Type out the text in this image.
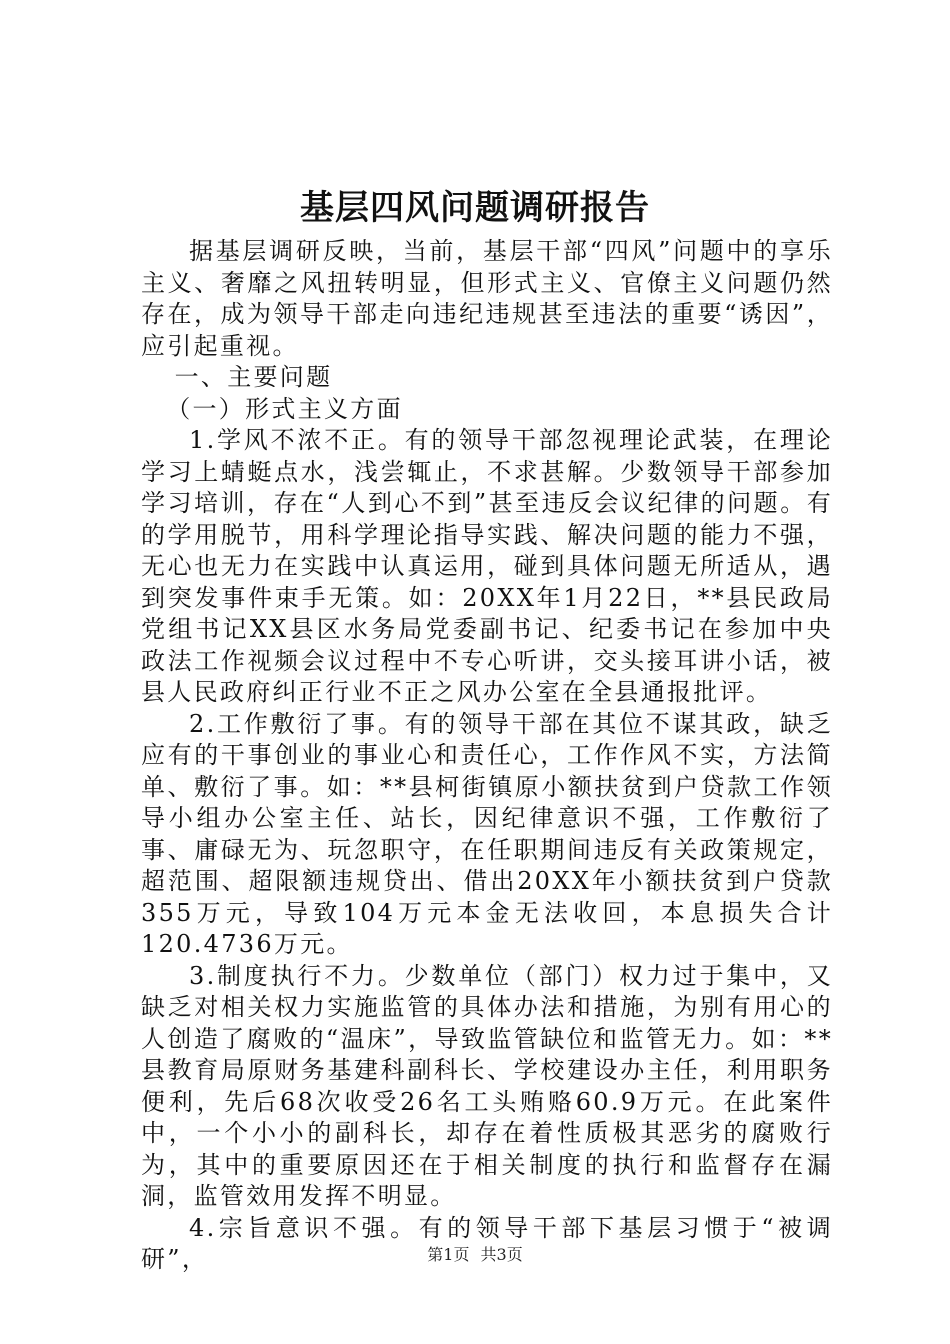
基层四风问题调研报告

据基层调研反映，当前，基层干部“四风”问题中的享乐主义、奢靡之风扭转明显，但形式主义、官僚主义问题仍然存在，成为领导干部走向违纪违规甚至违法的重要“诱因”，应引起重视。

一、主要问题

（一）形式主义方面

1.学风不浓不正。有的领导干部忽视理论武装，在理论学习上蜻蜓点水，浅尝辄止，不求甚解。少数领导干部参加学习培训，存在“人到心不到”甚至违反会议纪律的问题。有的学用脱节，用科学理论指导实践、解决问题的能力不强，无心也无力在实践中认真运用，碰到具体问题无所适从，遇到突发事件束手无策。如：20XX年1月22日，**县民政局党组书记XX县区水务局党委副书记、纪委书记在参加中央政法工作视频会议过程中不专心听讲，交头接耳讲小话，被县人民政府纠正行业不正之风办公室在全县通报批评。

2.工作敷衍了事。有的领导干部在其位不谋其政，缺乏应有的干事创业的事业心和责任心，工作作风不实，方法简单、敷衍了事。如：**县柯街镇原小额扶贫到户贷款工作领导小组办公室主任、站长，因纪律意识不强，工作敷衍了事、庸碌无为、玩忽职守，在任职期间违反有关政策规定，超范围、超限额违规贷出、借出20XX年小额扶贫到户贷款355万元，导致104万元本金无法收回，本息损失合计120.4736万元。

3.制度执行不力。少数单位（部门）权力过于集中，又缺乏对相关权力实施监管的具体办法和措施，为别有用心的人创造了腐败的“温床”，导致监管缺位和监管无力。如：**县教育局原财务基建科副科长、学校建设办主任，利用职务便利，先后68次收受26名工头贿赂60.9万元。在此案件中，一个小小的副科长，却存在着性质极其恶劣的腐败行为，其中的重要原因还在于相关制度的执行和监督存在漏洞，监管效用发挥不明显。

4.宗旨意识不强。有的领导干部下基层习惯于“被调研”，	第1页 共3页
